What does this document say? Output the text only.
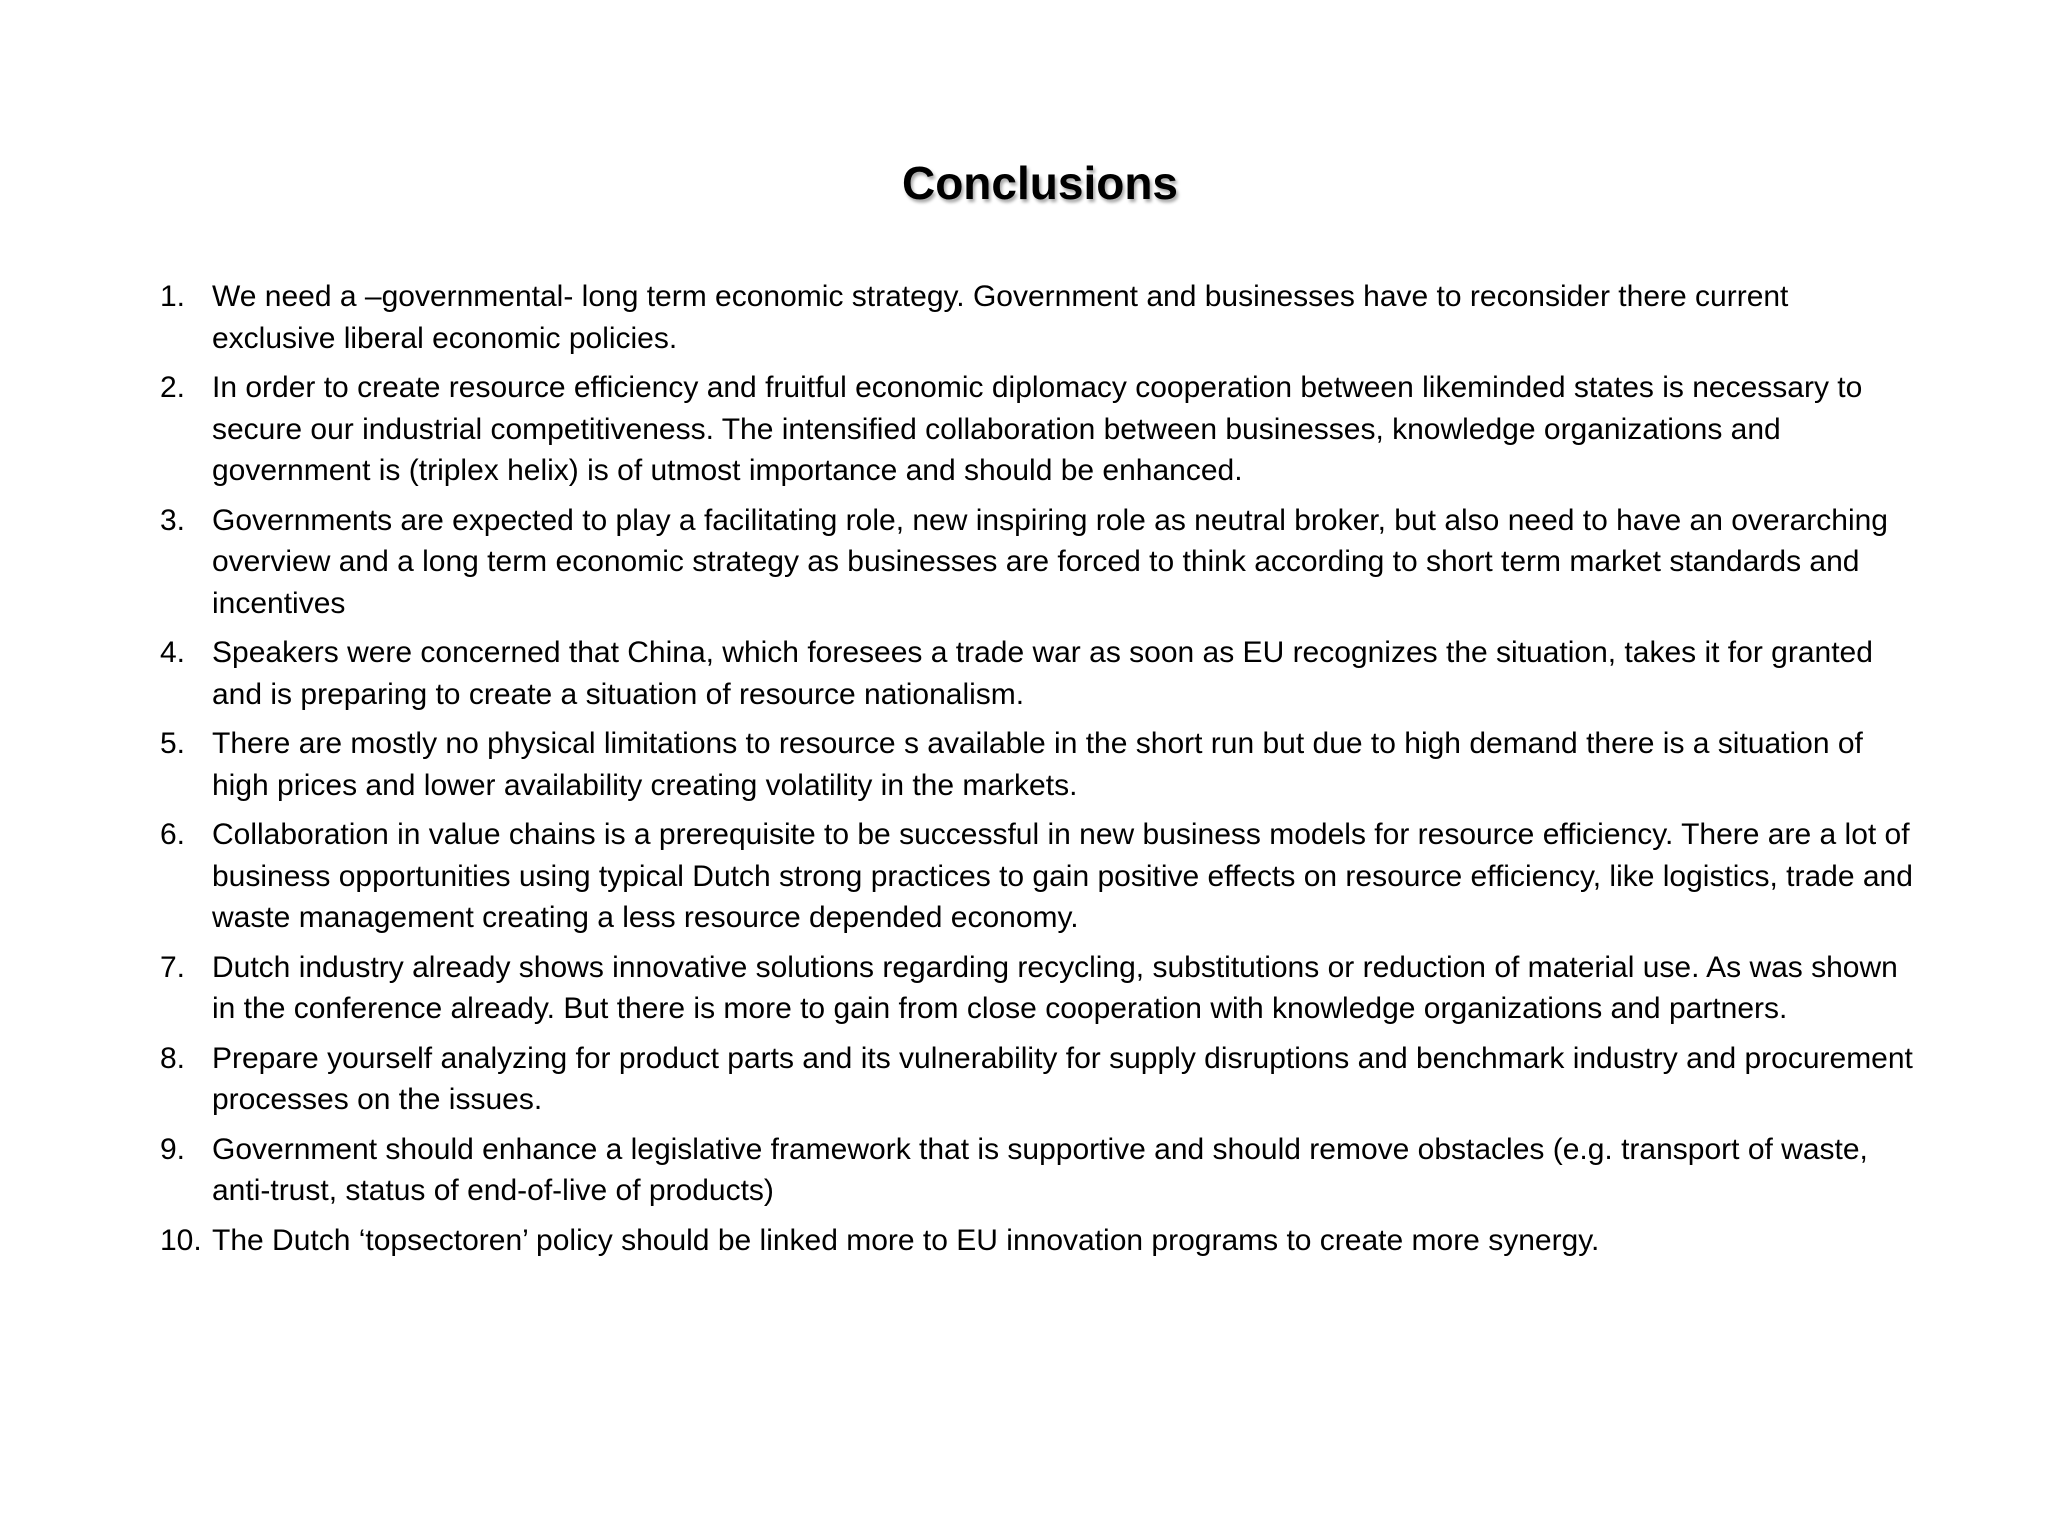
Conclusions
1. We need a –governmental- long term economic strategy. Government and businesses have to reconsider there current exclusive liberal economic policies.
2. In order to create resource efficiency and fruitful economic diplomacy cooperation between likeminded states is necessary to secure our industrial competitiveness. The intensified collaboration between businesses, knowledge organizations and government is (triplex helix) is of utmost importance and should be enhanced.
3. Governments are expected to play a facilitating role, new inspiring role as neutral broker, but also need to have an overarching overview and a long term economic strategy as businesses are forced to think according to short term market standards and incentives
4. Speakers were concerned that China, which foresees a trade war as soon as EU recognizes the situation, takes it for granted and is preparing to create a situation of resource nationalism.
5. There are mostly no physical limitations to resource s available in the short run but due to high demand there is a situation of high prices and lower availability creating volatility in the markets.
6. Collaboration in value chains is a prerequisite to be successful in new business models for resource efficiency. There are a lot of business opportunities using typical Dutch strong practices to gain positive effects on resource efficiency, like logistics, trade and waste management creating a less resource depended economy.
7. Dutch industry already shows innovative solutions regarding recycling, substitutions or reduction of material use. As was shown in the conference already. But there is more to gain from close cooperation with knowledge organizations and partners.
8. Prepare yourself analyzing for product parts and its vulnerability for supply disruptions and benchmark industry and procurement processes on the issues.
9. Government should enhance a legislative framework that is supportive and should remove obstacles (e.g. transport of waste, anti-trust, status of end-of-live of products)
10. The Dutch ‘topsectoren’ policy should be linked more to EU innovation programs to create more synergy.
